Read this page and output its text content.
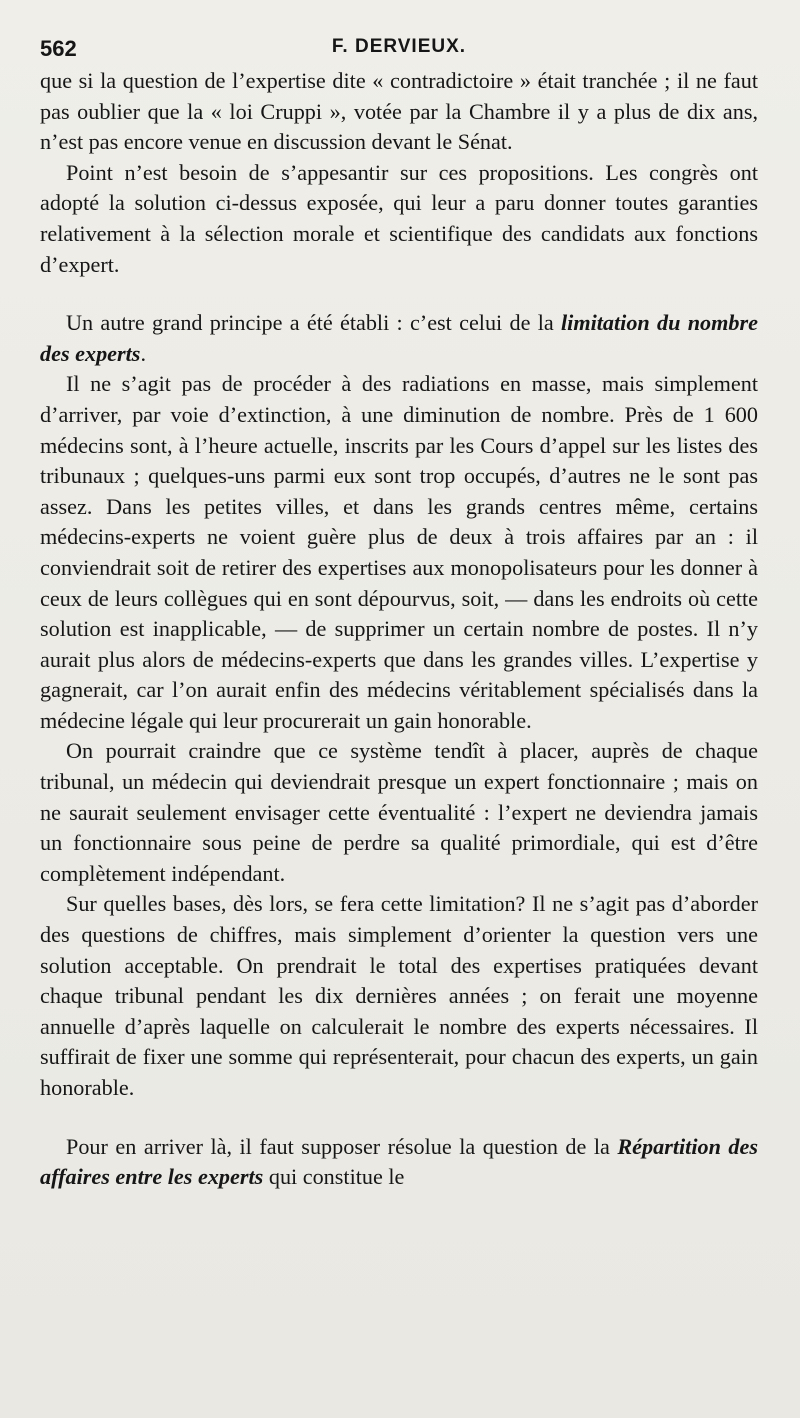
562	F. DERVIEUX.

que si la question de l’expertise dite « contradictoire » était tranchée ; il ne faut pas oublier que la « loi Cruppi », votée par la Chambre il y a plus de dix ans, n’est pas encore venue en discussion devant le Sénat.

Point n’est besoin de s’appesantir sur ces propositions. Les congrès ont adopté la solution ci-dessus exposée, qui leur a paru donner toutes garanties relativement à la sélection morale et scientifique des candidats aux fonctions d’expert.

Un autre grand principe a été établi : c’est celui de la limitation du nombre des experts.

Il ne s’agit pas de procéder à des radiations en masse, mais simplement d’arriver, par voie d’extinction, à une diminution de nombre. Près de 1 600 médecins sont, à l’heure actuelle, inscrits par les Cours d’appel sur les listes des tribunaux ; quelques-uns parmi eux sont trop occupés, d’autres ne le sont pas assez. Dans les petites villes, et dans les grands centres même, certains médecins-experts ne voient guère plus de deux à trois affaires par an : il conviendrait soit de retirer des expertises aux monopolisateurs pour les donner à ceux de leurs collègues qui en sont dépourvus, soit, — dans les endroits où cette solution est inapplicable, — de supprimer un certain nombre de postes. Il n’y aurait plus alors de médecins-experts que dans les grandes villes. L’expertise y gagnerait, car l’on aurait enfin des médecins véritablement spécialisés dans la médecine légale qui leur procurerait un gain honorable.

On pourrait craindre que ce système tendît à placer, auprès de chaque tribunal, un médecin qui deviendrait presque un expert fonctionnaire ; mais on ne saurait seulement envisager cette éventualité : l’expert ne deviendra jamais un fonctionnaire sous peine de perdre sa qualité primordiale, qui est d’être complètement indépendant.

Sur quelles bases, dès lors, se fera cette limitation? Il ne s’agit pas d’aborder des questions de chiffres, mais simplement d’orienter la question vers une solution acceptable. On prendrait le total des expertises pratiquées devant chaque tribunal pendant les dix dernières années ; on ferait une moyenne annuelle d’après laquelle on calculerait le nombre des experts nécessaires. Il suffirait de fixer une somme qui représenterait, pour chacun des experts, un gain honorable.

Pour en arriver là, il faut supposer résolue la question de la Répartition des affaires entre les experts qui constitue le
